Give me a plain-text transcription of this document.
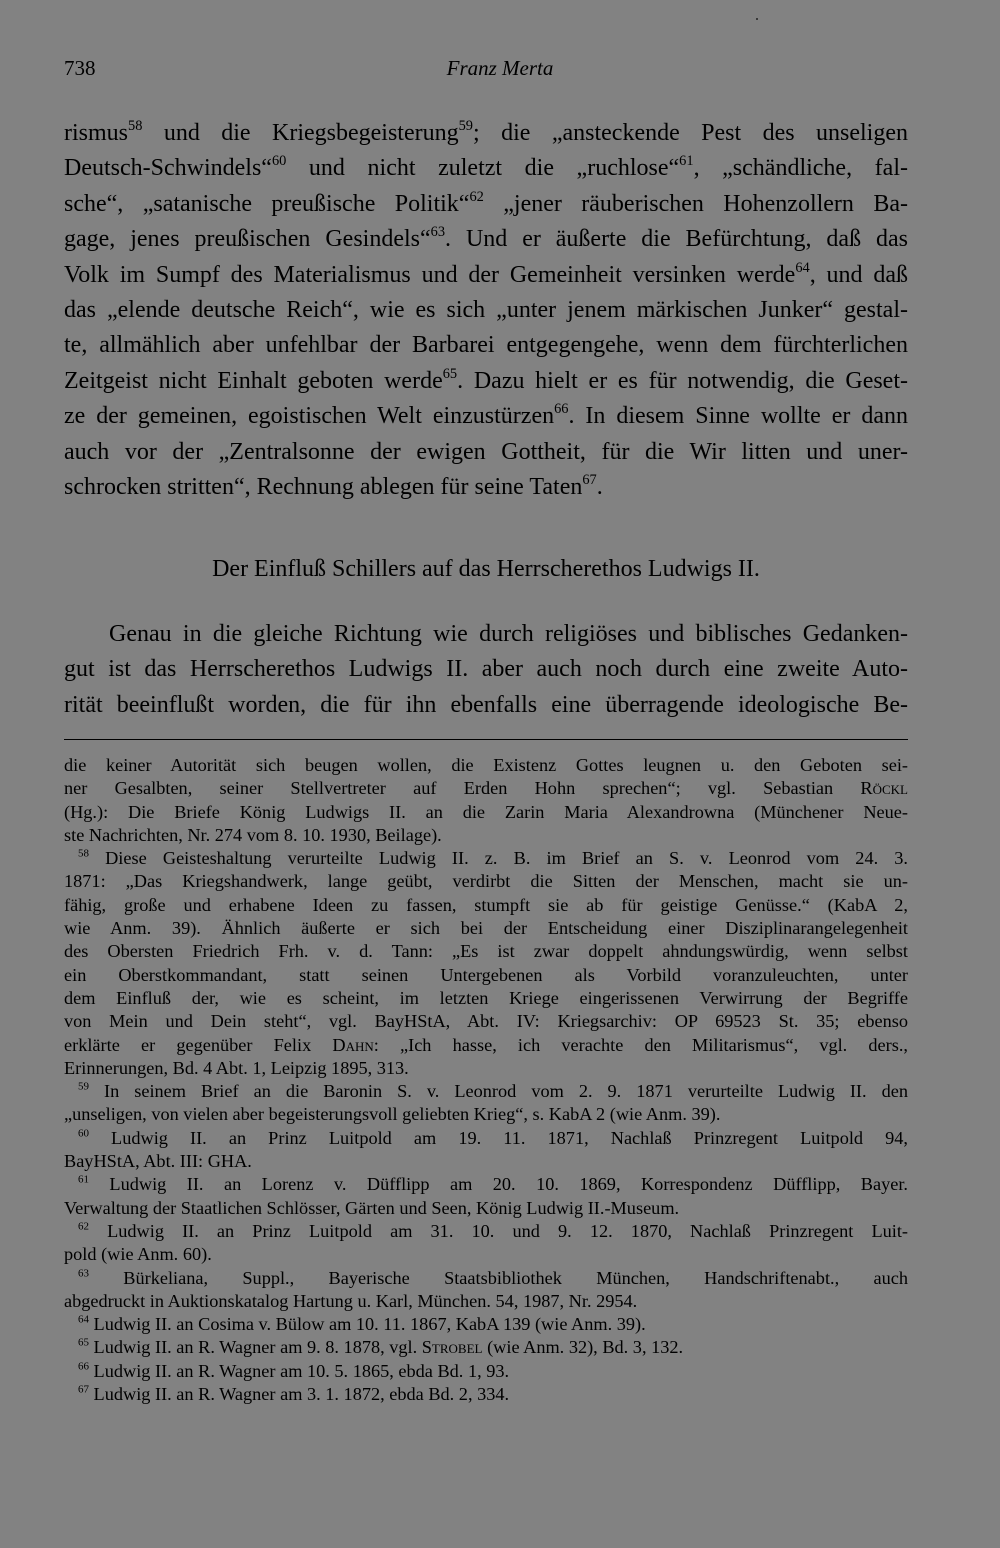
738	Franz Merta
rismus$^{58}$ und die Kriegsbegeisterung$^{59}$; die „ansteckende Pest des unseligen
Deutsch-Schwindels“$^{60}$ und nicht zuletzt die „ruchlose“$^{61}$, „schändliche, fal-
sche“, „satanische preußische Politik“$^{62}$ „jener räuberischen Hohenzollern Ba-
gage, jenes preußischen Gesindels“$^{63}$. Und er äußerte die Befürchtung, daß das
Volk im Sumpf des Materialismus und der Gemeinheit versinken werde$^{64}$, und daß
das „elende deutsche Reich“, wie es sich „unter jenem märkischen Junker“ gestal-
te, allmählich aber unfehlbar der Barbarei entgegengehe, wenn dem fürchterlichen
Zeitgeist nicht Einhalt geboten werde$^{65}$. Dazu hielt er es für notwendig, die Geset-
ze der gemeinen, egoistischen Welt einzustürzen$^{66}$. In diesem Sinne wollte er dann
auch vor der „Zentralsonne der ewigen Gottheit, für die Wir litten und uner-
schrocken stritten“, Rechnung ablegen für seine Taten$^{67}$.
Der Einfluß Schillers auf das Herrscherethos Ludwigs II.
Genau in die gleiche Richtung wie durch religiöses und biblisches Gedanken-
gut ist das Herrscherethos Ludwigs II. aber auch noch durch eine zweite Auto-
rität beeinflußt worden, die für ihn ebenfalls eine überragende ideologische Be-
die keiner Autorität sich beugen wollen, die Existenz Gottes leugnen u. den Geboten sei-
ner Gesalbten, seiner Stellvertreter auf Erden Hohn sprechen“; vgl. Sebastian Röckl
(Hg.): Die Briefe König Ludwigs II. an die Zarin Maria Alexandrowna (Münchener Neue-
ste Nachrichten, Nr. 274 vom 8. 10. 1930, Beilage).
$^{58}$ Diese Geisteshaltung verurteilte Ludwig II. z. B. im Brief an S. v. Leonrod vom 24. 3.
1871: „Das Kriegshandwerk, lange geübt, verdirbt die Sitten der Menschen, macht sie un-
fähig, große und erhabene Ideen zu fassen, stumpft sie ab für geistige Genüsse.“ (KabA 2,
wie Anm. 39). Ähnlich äußerte er sich bei der Entscheidung einer Disziplinarangelegenheit
des Obersten Friedrich Frh. v. d. Tann: „Es ist zwar doppelt ahndungswürdig, wenn selbst
ein Oberstkommandant, statt seinen Untergebenen als Vorbild voranzuleuchten, unter
dem Einfluß der, wie es scheint, im letzten Kriege eingerissenen Verwirrung der Begriffe
von Mein und Dein steht“, vgl. BayHStA, Abt. IV: Kriegsarchiv: OP 69523 St. 35; ebenso
erklärte er gegenüber Felix Dahn: „Ich hasse, ich verachte den Militarismus“, vgl. ders.,
Erinnerungen, Bd. 4 Abt. 1, Leipzig 1895, 313.
$^{59}$ In seinem Brief an die Baronin S. v. Leonrod vom 2. 9. 1871 verurteilte Ludwig II. den
„unseligen, von vielen aber begeisterungsvoll geliebten Krieg“, s. KabA 2 (wie Anm. 39).
$^{60}$ Ludwig II. an Prinz Luitpold am 19. 11. 1871, Nachlaß Prinzregent Luitpold 94,
BayHStA, Abt. III: GHA.
$^{61}$ Ludwig II. an Lorenz v. Düfflipp am 20. 10. 1869, Korrespondenz Düfflipp, Bayer.
Verwaltung der Staatlichen Schlösser, Gärten und Seen, König Ludwig II.-Museum.
$^{62}$ Ludwig II. an Prinz Luitpold am 31. 10. und 9. 12. 1870, Nachlaß Prinzregent Luit-
pold (wie Anm. 60).
$^{63}$ Bürkeliana, Suppl., Bayerische Staatsbibliothek München, Handschriftenabt., auch
abgedruckt in Auktionskatalog Hartung u. Karl, München. 54, 1987, Nr. 2954.
$^{64}$ Ludwig II. an Cosima v. Bülow am 10. 11. 1867, KabA 139 (wie Anm. 39).
$^{65}$ Ludwig II. an R. Wagner am 9. 8. 1878, vgl. Strobel (wie Anm. 32), Bd. 3, 132.
$^{66}$ Ludwig II. an R. Wagner am 10. 5. 1865, ebda Bd. 1, 93.
$^{67}$ Ludwig II. an R. Wagner am 3. 1. 1872, ebda Bd. 2, 334.
